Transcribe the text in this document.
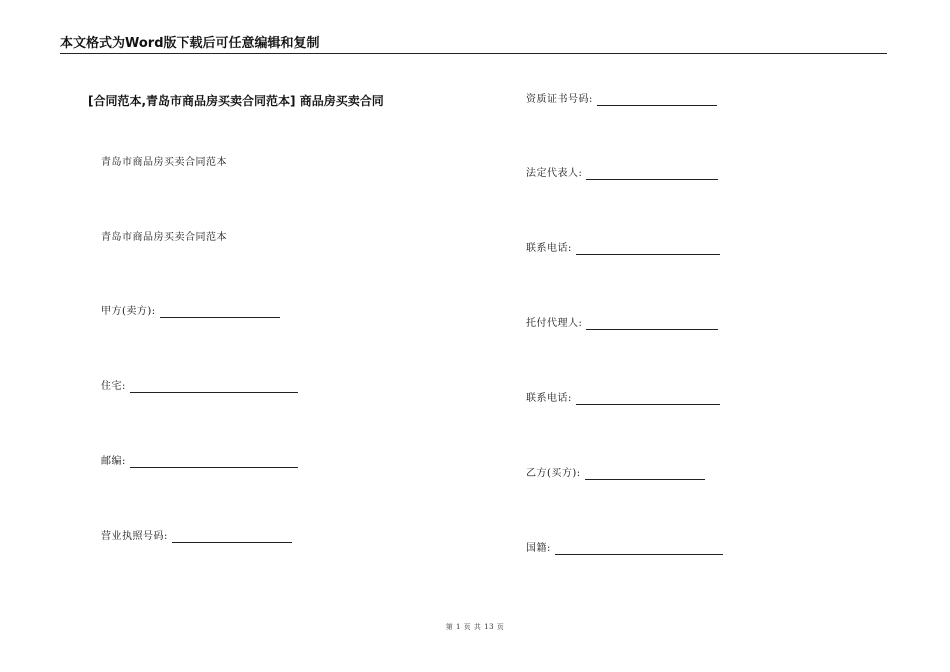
本文格式为Word版下载后可任意编辑和复制
[合同范本,青岛市商品房买卖合同范本] 商品房买卖合同
青岛市商品房买卖合同范本
青岛市商品房买卖合同范本
甲方(卖方):
住宅:
邮编:
营业执照号码:
资质证书号码:
法定代表人:
联系电话:
托付代理人:
联系电话:
乙方(买方):
国籍:
第 1 页 共 13 页
